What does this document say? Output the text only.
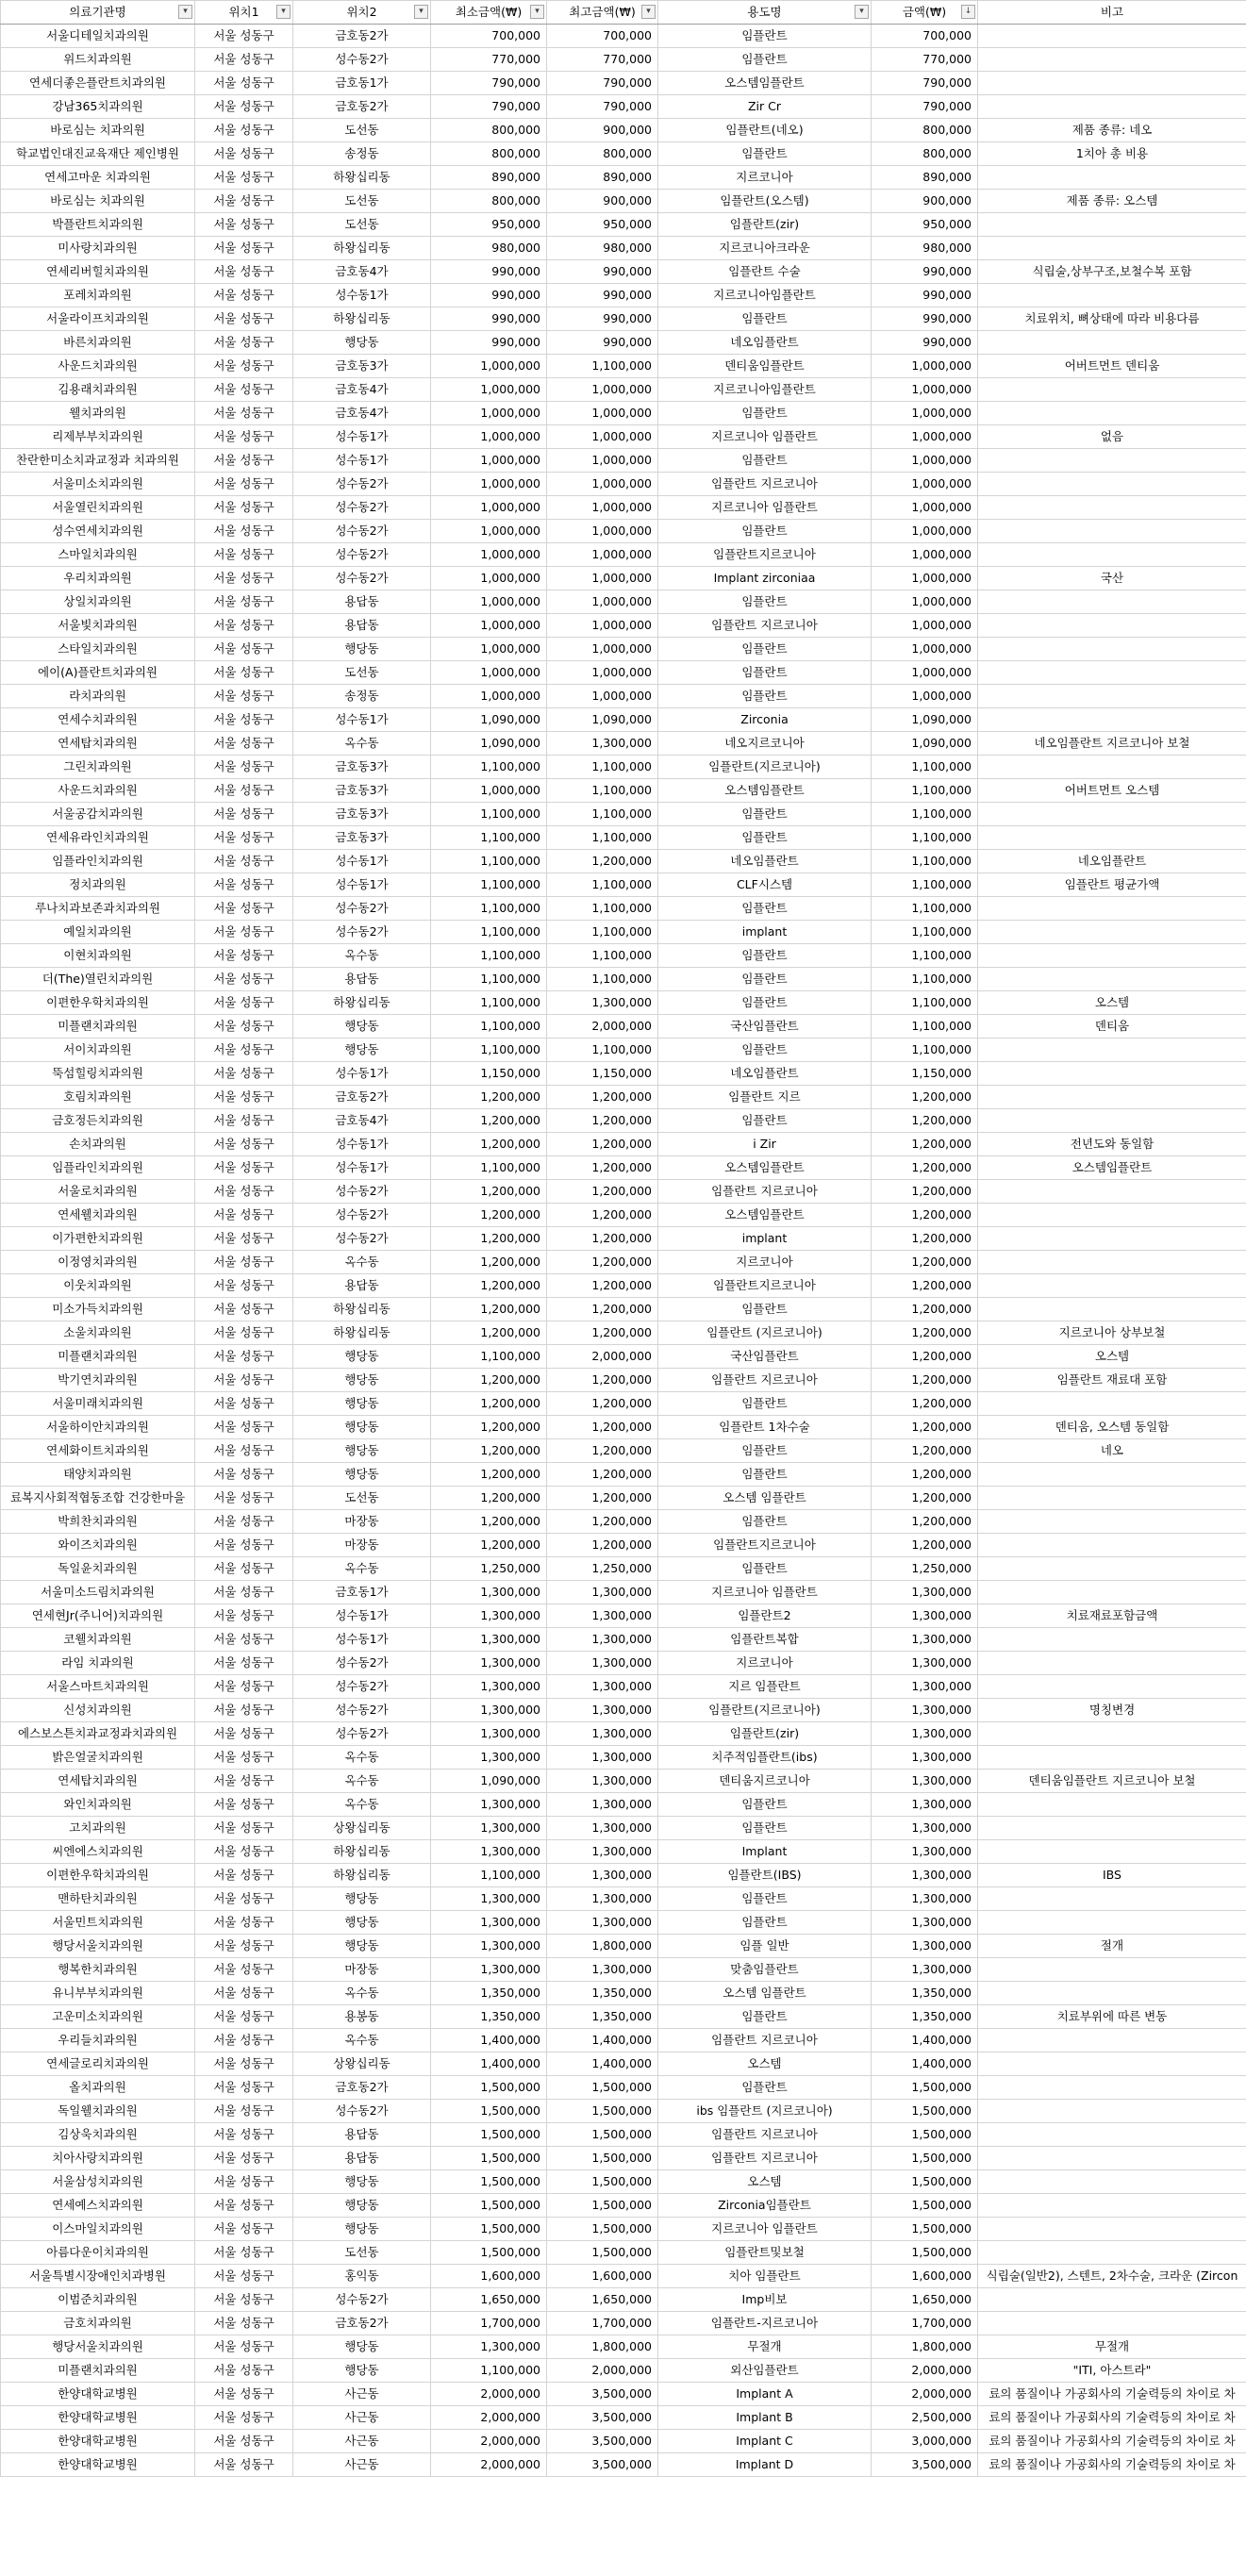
의료기관명 ▾	위치1 ▾	위치2 ▾	최소금액(₩) ▾	최고금액(₩) ▾	용도명 ▾	금액(₩) ↓	비고
서울디테일치과의원	서울 성동구	금호동2가	700,000	700,000	임플란트	700,000	
위드치과의원	서울 성동구	성수동2가	770,000	770,000	임플란트	770,000	
연세더좋은플란트치과의원	서울 성동구	금호동1가	790,000	790,000	오스템임플란트	790,000	
강남365치과의원	서울 성동구	금호동2가	790,000	790,000	Zir Cr	790,000	
바로심는 치과의원	서울 성동구	도선동	800,000	900,000	임플란트(네오)	800,000	제품 종류: 네오
학교법인대진교육재단 제인병원	서울 성동구	송정동	800,000	800,000	임플란트	800,000	1치아 총 비용
연세고마운 치과의원	서울 성동구	하왕십리동	890,000	890,000	지르코니아	890,000	
바로심는 치과의원	서울 성동구	도선동	800,000	900,000	임플란트(오스템)	900,000	제품 종류: 오스템
박플란트치과의원	서울 성동구	도선동	950,000	950,000	임플란트(zir)	950,000	
미사랑치과의원	서울 성동구	하왕십리동	980,000	980,000	지르코니아크라운	980,000	
연세리버힐치과의원	서울 성동구	금호동4가	990,000	990,000	임플란트 수술	990,000	식립술,상부구조,보철수복 포함
포레치과의원	서울 성동구	성수동1가	990,000	990,000	지르코니아임플란트	990,000	
서울라이프치과의원	서울 성동구	하왕십리동	990,000	990,000	임플란트	990,000	치료위치, 뼈상태에 따라 비용다름
바른치과의원	서울 성동구	행당동	990,000	990,000	네오임플란트	990,000	
사운드치과의원	서울 성동구	금호동3가	1,000,000	1,100,000	덴티움임플란트	1,000,000	어버트먼트 덴티움
김용래치과의원	서울 성동구	금호동4가	1,000,000	1,000,000	지르코니아임플란트	1,000,000	
웰치과의원	서울 성동구	금호동4가	1,000,000	1,000,000	임플란트	1,000,000	
리제부부치과의원	서울 성동구	성수동1가	1,000,000	1,000,000	지르코니아 임플란트	1,000,000	없음
찬란한미소치과교정과 치과의원	서울 성동구	성수동1가	1,000,000	1,000,000	임플란트	1,000,000	
서울미소치과의원	서울 성동구	성수동2가	1,000,000	1,000,000	임플란트 지르코니아	1,000,000	
서울열린치과의원	서울 성동구	성수동2가	1,000,000	1,000,000	지르코니아 임플란트	1,000,000	
성수연세치과의원	서울 성동구	성수동2가	1,000,000	1,000,000	임플란트	1,000,000	
스마일치과의원	서울 성동구	성수동2가	1,000,000	1,000,000	임플란트지르코니아	1,000,000	
우리치과의원	서울 성동구	성수동2가	1,000,000	1,000,000	Implant zirconiaa	1,000,000	국산
상일치과의원	서울 성동구	용답동	1,000,000	1,000,000	임플란트	1,000,000	
서울빛치과의원	서울 성동구	용답동	1,000,000	1,000,000	임플란트 지르코니아	1,000,000	
스타일치과의원	서울 성동구	행당동	1,000,000	1,000,000	임플란트	1,000,000	
에이(A)플란트치과의원	서울 성동구	도선동	1,000,000	1,000,000	임플란트	1,000,000	
라치과의원	서울 성동구	송정동	1,000,000	1,000,000	임플란트	1,000,000	
연세수치과의원	서울 성동구	성수동1가	1,090,000	1,090,000	Zirconia	1,090,000	
연세탑치과의원	서울 성동구	옥수동	1,090,000	1,300,000	네오지르코니아	1,090,000	네오임플란트 지르코니아 보철
그린치과의원	서울 성동구	금호동3가	1,100,000	1,100,000	임플란트(지르코니아)	1,100,000	
사운드치과의원	서울 성동구	금호동3가	1,000,000	1,100,000	오스템임플란트	1,100,000	어버트먼트 오스템
서울공감치과의원	서울 성동구	금호동3가	1,100,000	1,100,000	임플란트	1,100,000	
연세유라인치과의원	서울 성동구	금호동3가	1,100,000	1,100,000	임플란트	1,100,000	
임플라인치과의원	서울 성동구	성수동1가	1,100,000	1,200,000	네오임플란트	1,100,000	네오임플란트
정치과의원	서울 성동구	성수동1가	1,100,000	1,100,000	CLF시스템	1,100,000	임플란트 평균가액
루나치과보존과치과의원	서울 성동구	성수동2가	1,100,000	1,100,000	임플란트	1,100,000	
예일치과의원	서울 성동구	성수동2가	1,100,000	1,100,000	implant	1,100,000	
이현치과의원	서울 성동구	옥수동	1,100,000	1,100,000	임플란트	1,100,000	
더(The)열린치과의원	서울 성동구	용답동	1,100,000	1,100,000	임플란트	1,100,000	
이편한우학치과의원	서울 성동구	하왕십리동	1,100,000	1,300,000	임플란트	1,100,000	오스템
미플랜치과의원	서울 성동구	행당동	1,100,000	2,000,000	국산임플란트	1,100,000	덴티움
서이치과의원	서울 성동구	행당동	1,100,000	1,100,000	임플란트	1,100,000	
뚝섬힐링치과의원	서울 성동구	성수동1가	1,150,000	1,150,000	네오임플란트	1,150,000	
호림치과의원	서울 성동구	금호동2가	1,200,000	1,200,000	임플란트 지르	1,200,000	
금호정든치과의원	서울 성동구	금호동4가	1,200,000	1,200,000	임플란트	1,200,000	
손치과의원	서울 성동구	성수동1가	1,200,000	1,200,000	i Zir	1,200,000	전년도와 동일함
임플라인치과의원	서울 성동구	성수동1가	1,100,000	1,200,000	오스템임플란트	1,200,000	오스템임플란트
서울로치과의원	서울 성동구	성수동2가	1,200,000	1,200,000	임플란트 지르코니아	1,200,000	
연세웰치과의원	서울 성동구	성수동2가	1,200,000	1,200,000	오스템임플란트	1,200,000	
이가편한치과의원	서울 성동구	성수동2가	1,200,000	1,200,000	implant	1,200,000	
이정영치과의원	서울 성동구	옥수동	1,200,000	1,200,000	지르코니아	1,200,000	
이웃치과의원	서울 성동구	용답동	1,200,000	1,200,000	임플란트지르코니아	1,200,000	
미소가득치과의원	서울 성동구	하왕십리동	1,200,000	1,200,000	임플란트	1,200,000	
소울치과의원	서울 성동구	하왕십리동	1,200,000	1,200,000	임플란트 (지르코니아)	1,200,000	지르코니아 상부보철
미플랜치과의원	서울 성동구	행당동	1,100,000	2,000,000	국산임플란트	1,200,000	오스템
박기연치과의원	서울 성동구	행당동	1,200,000	1,200,000	임플란트 지르코니아	1,200,000	임플란트 재료대 포함
서울미래치과의원	서울 성동구	행당동	1,200,000	1,200,000	임플란트	1,200,000	
서울하이안치과의원	서울 성동구	행당동	1,200,000	1,200,000	임플란트 1차수술	1,200,000	덴티움, 오스템 동일함
연세화이트치과의원	서울 성동구	행당동	1,200,000	1,200,000	임플란트	1,200,000	네오
태양치과의원	서울 성동구	행당동	1,200,000	1,200,000	임플란트	1,200,000	
료복지사회적협동조합 건강한마을	서울 성동구	도선동	1,200,000	1,200,000	오스템 임플란트	1,200,000	
박희찬치과의원	서울 성동구	마장동	1,200,000	1,200,000	임플란트	1,200,000	
와이즈치과의원	서울 성동구	마장동	1,200,000	1,200,000	임플란트지르코니아	1,200,000	
독일윤치과의원	서울 성동구	옥수동	1,250,000	1,250,000	임플란트	1,250,000	
서울미소드림치과의원	서울 성동구	금호동1가	1,300,000	1,300,000	지르코니아 임플란트	1,300,000	
연세현Jr(주니어)치과의원	서울 성동구	성수동1가	1,300,000	1,300,000	임플란트2	1,300,000	치료재료포함금액
코웰치과의원	서울 성동구	성수동1가	1,300,000	1,300,000	임플란트복합	1,300,000	
라임 치과의원	서울 성동구	성수동2가	1,300,000	1,300,000	지르코니아	1,300,000	
서울스마트치과의원	서울 성동구	성수동2가	1,300,000	1,300,000	지르 임플란트	1,300,000	
신성치과의원	서울 성동구	성수동2가	1,300,000	1,300,000	임플란트(지르코니아)	1,300,000	명칭변경
에스보스튼치과교정과치과의원	서울 성동구	성수동2가	1,300,000	1,300,000	임플란트(zir)	1,300,000	
밝은얼굴치과의원	서울 성동구	옥수동	1,300,000	1,300,000	치주적임플란트(ibs)	1,300,000	
연세탑치과의원	서울 성동구	옥수동	1,090,000	1,300,000	덴티움지르코니아	1,300,000	덴티움임플란트 지르코니아 보철
와인치과의원	서울 성동구	옥수동	1,300,000	1,300,000	임플란트	1,300,000	
고치과의원	서울 성동구	상왕십리동	1,300,000	1,300,000	임플란트	1,300,000	
씨엔에스치과의원	서울 성동구	하왕십리동	1,300,000	1,300,000	Implant	1,300,000	
이편한우학치과의원	서울 성동구	하왕십리동	1,100,000	1,300,000	임플란트(IBS)	1,300,000	IBS
맨하탄치과의원	서울 성동구	행당동	1,300,000	1,300,000	임플란트	1,300,000	
서울민트치과의원	서울 성동구	행당동	1,300,000	1,300,000	임플란트	1,300,000	
행당서울치과의원	서울 성동구	행당동	1,300,000	1,800,000	임플 일반	1,300,000	절개
행복한치과의원	서울 성동구	마장동	1,300,000	1,300,000	맞춤임플란트	1,300,000	
유니부부치과의원	서울 성동구	옥수동	1,350,000	1,350,000	오스템 임플란트	1,350,000	
고운미소치과의원	서울 성동구	용봉동	1,350,000	1,350,000	임플란트	1,350,000	치료부위에 따른 변동
우리들치과의원	서울 성동구	옥수동	1,400,000	1,400,000	임플란트 지르코니아	1,400,000	
연세글로리치과의원	서울 성동구	상왕십리동	1,400,000	1,400,000	오스템	1,400,000	
올치과의원	서울 성동구	금호동2가	1,500,000	1,500,000	임플란트	1,500,000	
독일웰치과의원	서울 성동구	성수동2가	1,500,000	1,500,000	ibs 임플란트 (지르코니아)	1,500,000	
김상욱치과의원	서울 성동구	용답동	1,500,000	1,500,000	임플란트 지르코니아	1,500,000	
치아사랑치과의원	서울 성동구	용답동	1,500,000	1,500,000	임플란트 지르코니아	1,500,000	
서울삼성치과의원	서울 성동구	행당동	1,500,000	1,500,000	오스템	1,500,000	
연세예스치과의원	서울 성동구	행당동	1,500,000	1,500,000	Zirconia임플란트	1,500,000	
이스마일치과의원	서울 성동구	행당동	1,500,000	1,500,000	지르코니아 임플란트	1,500,000	
아름다운이치과의원	서울 성동구	도선동	1,500,000	1,500,000	임플란트및보철	1,500,000	
서울특별시장애인치과병원	서울 성동구	홍익동	1,600,000	1,600,000	치아 임플란트	1,600,000	식립술(일반2), 스텐트, 2차수술, 크라운 (Zircon
이범준치과의원	서울 성동구	성수동2가	1,650,000	1,650,000	Imp비보	1,650,000	
금호치과의원	서울 성동구	금호동2가	1,700,000	1,700,000	임플란트-지르코니아	1,700,000	
행당서울치과의원	서울 성동구	행당동	1,300,000	1,800,000	무절개	1,800,000	무절개
미플랜치과의원	서울 성동구	행당동	1,100,000	2,000,000	외산임플란트	2,000,000	"ITI, 아스트라"
한양대학교병원	서울 성동구	사근동	2,000,000	3,500,000	Implant A	2,000,000	료의 품질이나 가공회사의 기술력등의 차이로 차
한양대학교병원	서울 성동구	사근동	2,000,000	3,500,000	Implant B	2,500,000	료의 품질이나 가공회사의 기술력등의 차이로 차
한양대학교병원	서울 성동구	사근동	2,000,000	3,500,000	Implant C	3,000,000	료의 품질이나 가공회사의 기술력등의 차이로 차
한양대학교병원	서울 성동구	사근동	2,000,000	3,500,000	Implant D	3,500,000	료의 품질이나 가공회사의 기술력등의 차이로 차
